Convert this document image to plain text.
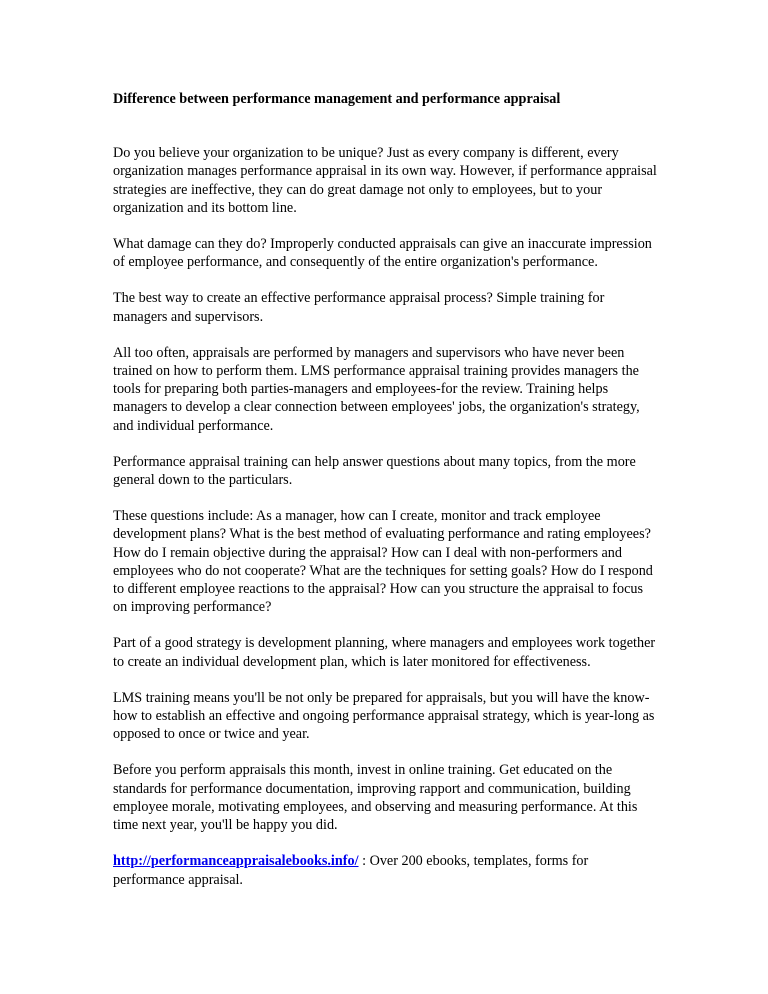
Difference between performance management and performance appraisal

Do you believe your organization to be unique? Just as every company is different, every organization manages performance appraisal in its own way. However, if performance appraisal strategies are ineffective, they can do great damage not only to employees, but to your organization and its bottom line.

What damage can they do? Improperly conducted appraisals can give an inaccurate impression of employee performance, and consequently of the entire organization's performance.

The best way to create an effective performance appraisal process? Simple training for managers and supervisors.

All too often, appraisals are performed by managers and supervisors who have never been trained on how to perform them. LMS performance appraisal training provides managers the tools for preparing both parties-managers and employees-for the review. Training helps managers to develop a clear connection between employees' jobs, the organization's strategy, and individual performance.

Performance appraisal training can help answer questions about many topics, from the more general down to the particulars.

These questions include: As a manager, how can I create, monitor and track employee development plans? What is the best method of evaluating performance and rating employees? How do I remain objective during the appraisal? How can I deal with non-performers and employees who do not cooperate? What are the techniques for setting goals? How do I respond to different employee reactions to the appraisal? How can you structure the appraisal to focus on improving performance?

Part of a good strategy is development planning, where managers and employees work together to create an individual development plan, which is later monitored for effectiveness.

LMS training means you'll be not only be prepared for appraisals, but you will have the know-how to establish an effective and ongoing performance appraisal strategy, which is year-long as opposed to once or twice and year.

Before you perform appraisals this month, invest in online training. Get educated on the standards for performance documentation, improving rapport and communication, building employee morale, motivating employees, and observing and measuring performance. At this time next year, you'll be happy you did.

http://performanceappraisalebooks.info/ : Over 200 ebooks, templates, forms for performance appraisal.
